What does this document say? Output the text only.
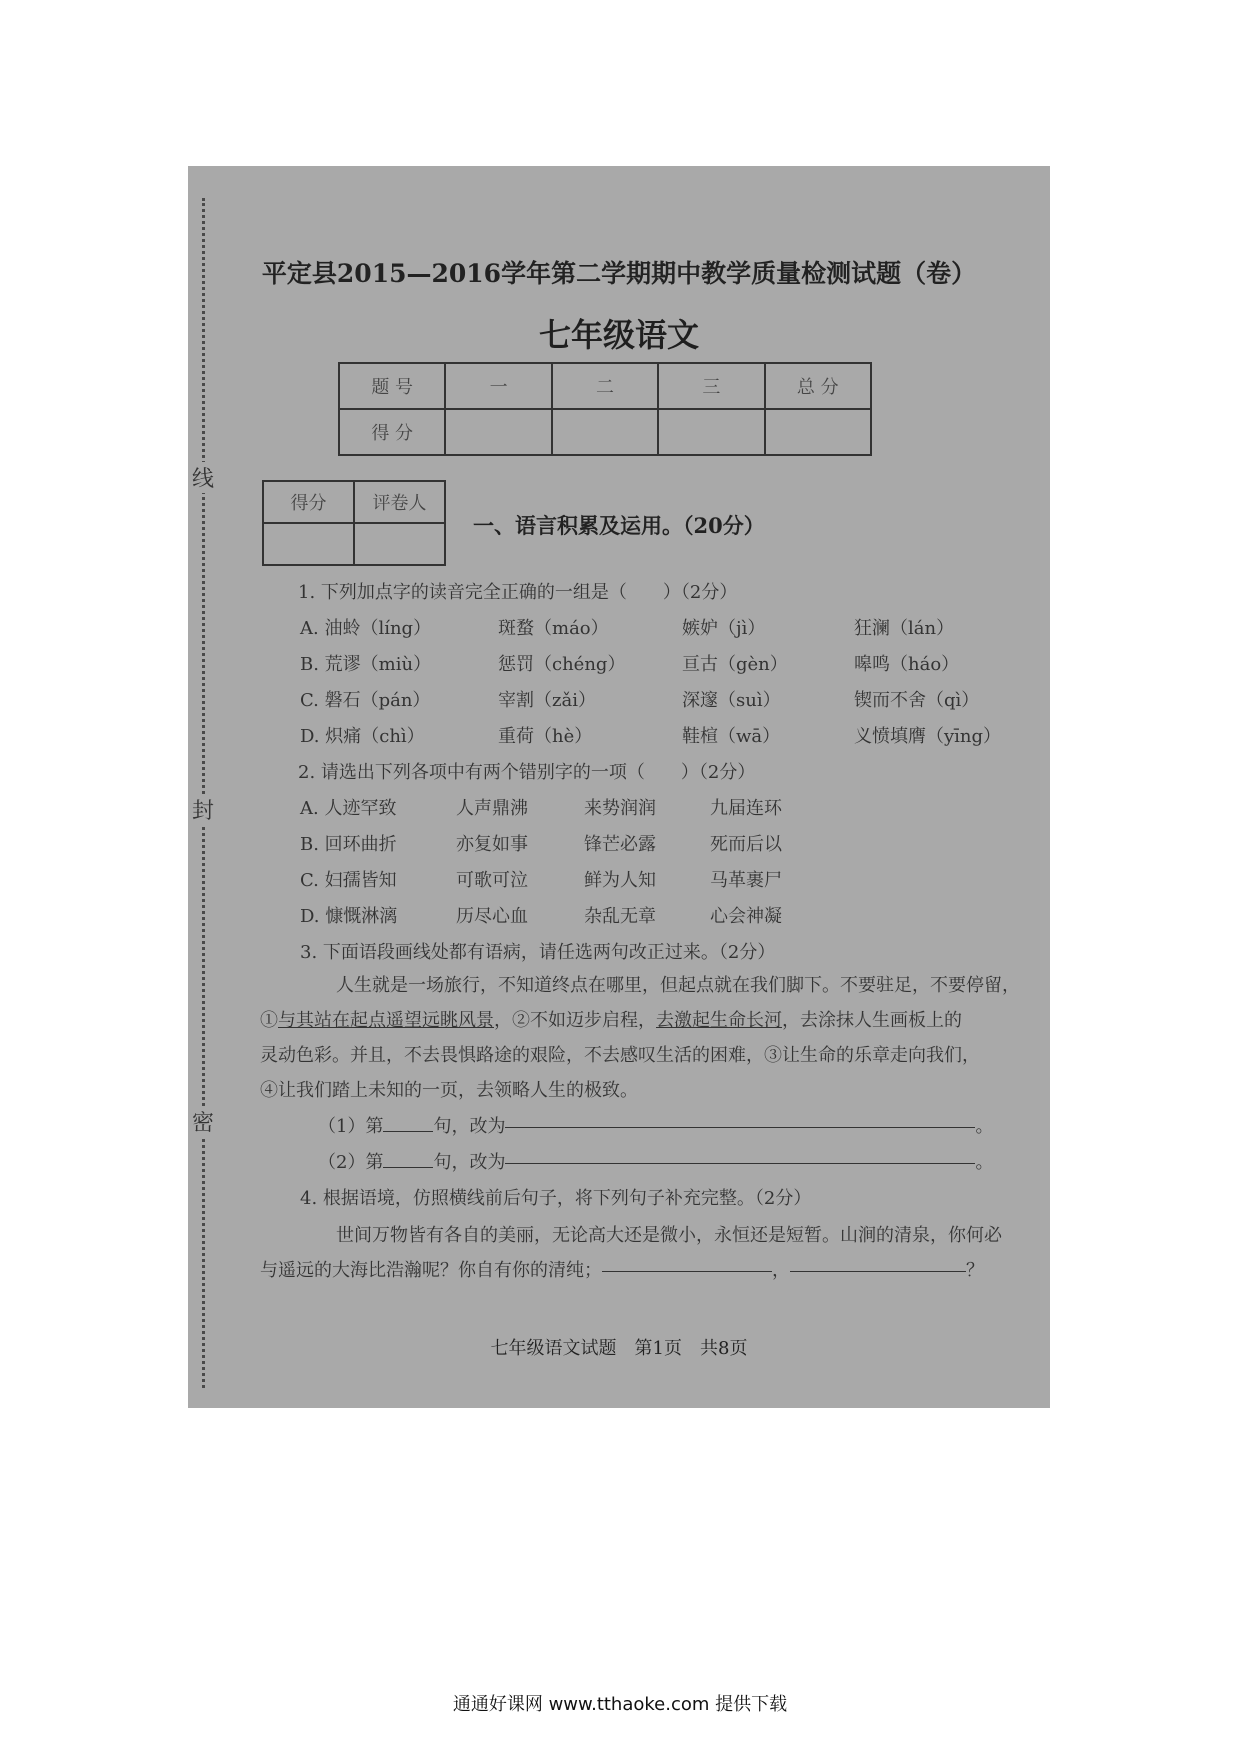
线
封
密
平定县2015—2016学年第二学期期中教学质量检测试题（卷）
七年级语文
题 号	一	二	三	总 分
得 分				
得分	评卷人

一、语言积累及运用。（20分）
1. 下列加点字的读音完全正确的一组是（　　）（2分）
A. 油蛉（líng）	斑蝥（máo）	嫉妒（jì）	狂澜（lán）
B. 荒谬（miù）	惩罚（chéng）	亘古（gèn）	嗥鸣（háo）
C. 磐石（pán）	宰割（zǎi）	深邃（suì）	锲而不舍（qì）
D. 炽痛（chì）	重荷（hè）	鞋楦（wā）	义愤填膺（yīng）
2. 请选出下列各项中有两个错别字的一项（　　）（2分）
A. 人迹罕致	人声鼎沸	来势润润	九届连环
B. 回环曲折	亦复如事	锋芒必露	死而后以
C. 妇孺皆知	可歌可泣	鲜为人知	马革裹尸
D. 慷慨淋漓	历尽心血	杂乱无章	心会神凝
3. 下面语段画线处都有语病，请任选两句改正过来。（2分）
人生就是一场旅行，不知道终点在哪里，但起点就在我们脚下。不要驻足，不要停留，
①与其站在起点遥望远眺风景，②不如迈步启程，去激起生命长河，去涂抹人生画板上的
灵动色彩。并且，不去畏惧路途的艰险，不去感叹生活的困难，③让生命的乐章走向我们，
④让我们踏上未知的一页，去领略人生的极致。
（1）第	句，改为	。
（2）第	句，改为	。
4. 根据语境，仿照横线前后句子，将下列句子补充完整。（2分）
世间万物皆有各自的美丽，无论高大还是微小，永恒还是短暂。山涧的清泉，你何必
与遥远的大海比浩瀚呢？你自有你的清纯；	，	？
七年级语文试题　第1页　共8页
通通好课网 www.tthaoke.com 提供下载
